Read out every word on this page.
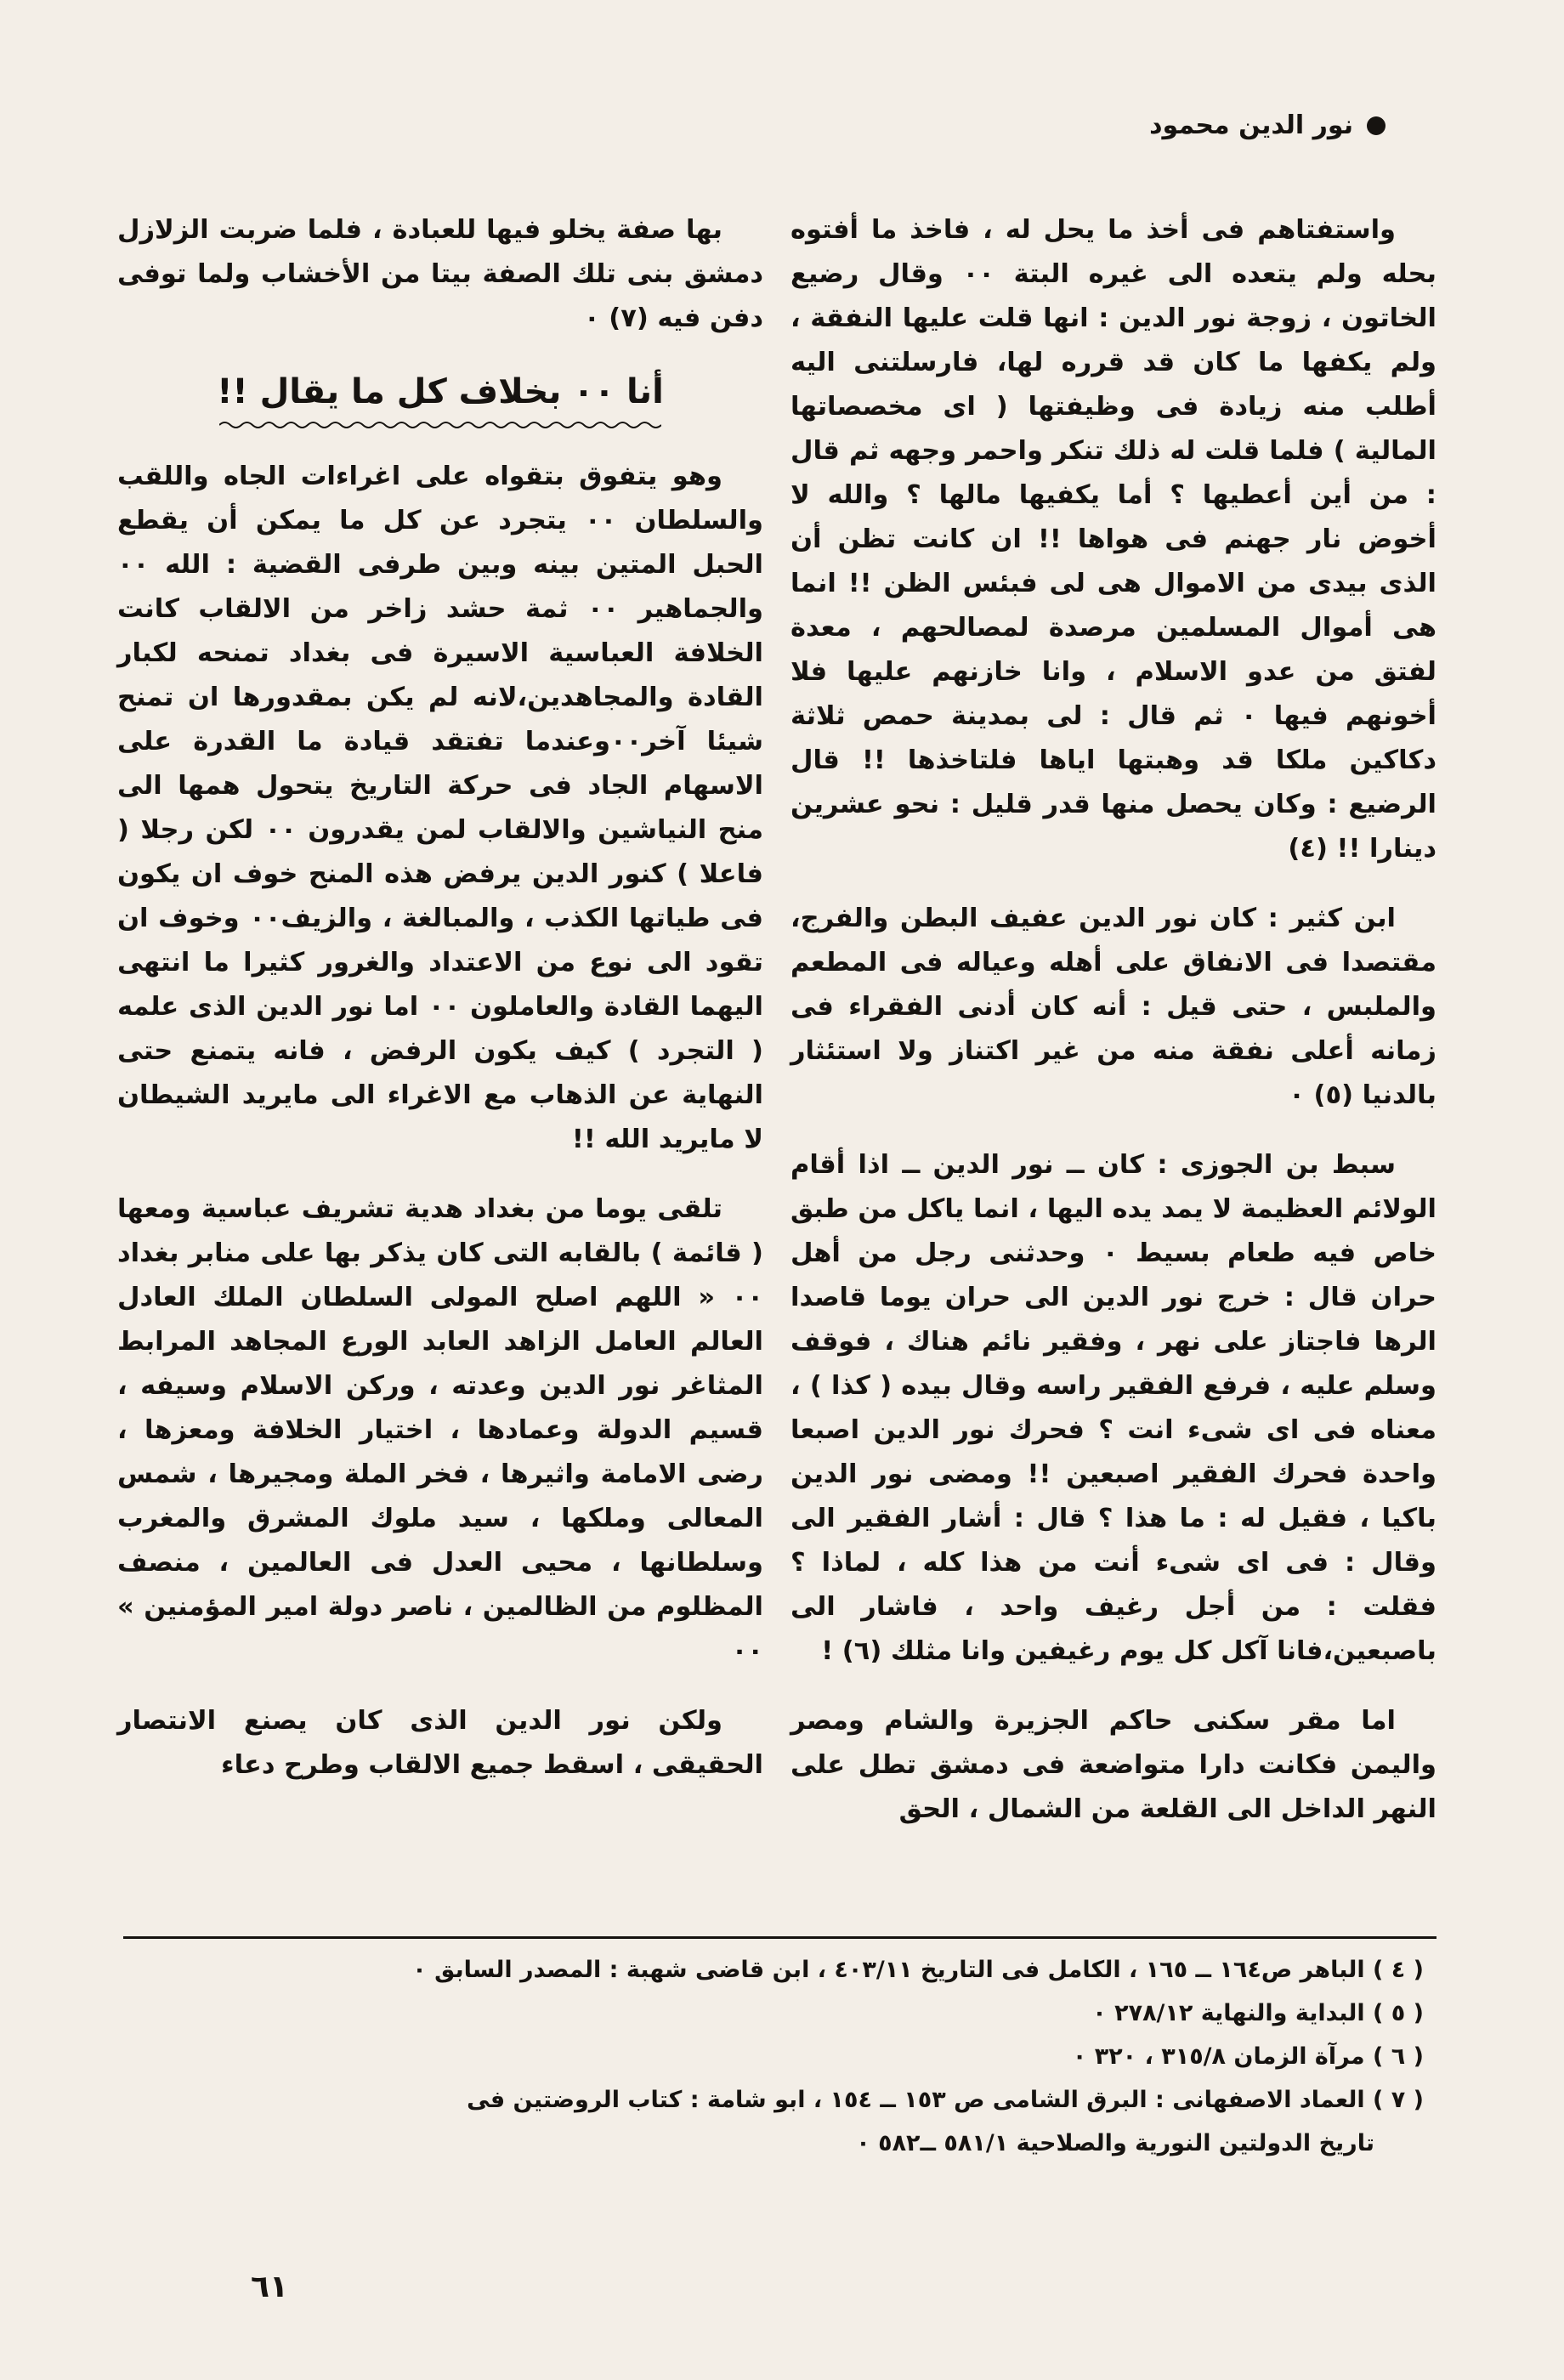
نور الدين محمود

واستفتاهم فى أخذ ما يحل له ، فاخذ ما أفتوه بحله ولم يتعده الى غيره البتة ٠٠ وقال رضيع الخاتون ، زوجة نور الدين : انها قلت عليها النفقة ، ولم يكفها ما كان قد قرره لها، فارسلتنى اليه أطلب منه زيادة فى وظيفتها ( اى مخصصاتها المالية ) فلما قلت له ذلك تنكر واحمر وجهه ثم قال : من أين أعطيها ؟ أما يكفيها مالها ؟ والله لا أخوض نار جهنم فى هواها !! ان كانت تظن أن الذى بيدى من الاموال هى لى فبئس الظن !! انما هى أموال المسلمين مرصدة لمصالحهم ، معدة لفتق من عدو الاسلام ، وانا خازنهم عليها فلا أخونهم فيها ٠ ثم قال : لى بمدينة حمص ثلاثة دكاكين ملكا قد وهبتها اياها فلتاخذها !! قال الرضيع : وكان يحصل منها قدر قليل : نحو عشرين دينارا !! (٤)

ابن كثير : كان نور الدين عفيف البطن والفرج، مقتصدا فى الانفاق على أهله وعياله فى المطعم والملبس ، حتى قيل : أنه كان أدنى الفقراء فى زمانه أعلى نفقة منه من غير اكتناز ولا استئثار بالدنيا (٥) ٠

سبط بن الجوزى : كان ــ نور الدين ــ اذا أقام الولائم العظيمة لا يمد يده اليها ، انما ياكل من طبق خاص فيه طعام بسيط ٠ وحدثنى رجل من أهل حران قال : خرج نور الدين الى حران يوما قاصدا الرها فاجتاز على نهر ، وفقير نائم هناك ، فوقف وسلم عليه ، فرفع الفقير راسه وقال بيده ( كذا ) ، معناه فى اى شىء انت ؟ فحرك نور الدين اصبعا واحدة فحرك الفقير اصبعين !! ومضى نور الدين باكيا ، فقيل له : ما هذا ؟ قال : أشار الفقير الى وقال : فى اى شىء أنت من هذا كله ، لماذا ؟ فقلت : من أجل رغيف واحد ، فاشار الى باصبعين،فانا آكل كل يوم رغيفين وانا مثلك (٦) !

اما مقر سكنى حاكم الجزيرة والشام ومصر واليمن فكانت دارا متواضعة فى دمشق تطل على النهر الداخل الى القلعة من الشمال ، الحق

بها صفة يخلو فيها للعبادة ، فلما ضربت الزلازل دمشق بنى تلك الصفة بيتا من الأخشاب ولما توفى دفن فيه (٧) ٠

أنا ٠٠ بخلاف كل ما يقال !!

وهو يتفوق بتقواه على اغراءات الجاه واللقب والسلطان ٠٠ يتجرد عن كل ما يمكن أن يقطع الحبل المتين بينه وبين طرفى القضية : الله ٠٠ والجماهير ٠٠ ثمة حشد زاخر من الالقاب كانت الخلافة العباسية الاسيرة فى بغداد تمنحه لكبار القادة والمجاهدين،لانه لم يكن بمقدورها ان تمنح شيئا آخر٠٠وعندما تفتقد قيادة ما القدرة على الاسهام الجاد فى حركة التاريخ يتحول همها الى منح النياشين والالقاب لمن يقدرون ٠٠ لكن رجلا ( فاعلا ) كنور الدين يرفض هذه المنح خوف ان يكون فى طياتها الكذب ، والمبالغة ، والزيف٠٠ وخوف ان تقود الى نوع من الاعتداد والغرور كثيرا ما انتهى اليهما القادة والعاملون ٠٠ اما نور الدين الذى علمه ( التجرد ) كيف يكون الرفض ، فانه يتمنع حتى النهاية عن الذهاب مع الاغراء الى مايريد الشيطان لا مايريد الله !!

تلقى يوما من بغداد هدية تشريف عباسية ومعها ( قائمة ) بالقابه التى كان يذكر بها على منابر بغداد ٠٠ « اللهم اصلح المولى السلطان الملك العادل العالم العامل الزاهد العابد الورع المجاهد المرابط المثاغر نور الدين وعدته ، وركن الاسلام وسيفه ، قسيم الدولة وعمادها ، اختيار الخلافة ومعزها ، رضى الامامة واثيرها ، فخر الملة ومجيرها ، شمس المعالى وملكها ، سيد ملوك المشرق والمغرب وسلطانها ، محيى العدل فى العالمين ، منصف المظلوم من الظالمين ، ناصر دولة امير المؤمنين » ٠٠

ولكن نور الدين الذى كان يصنع الانتصار الحقيقى ، اسقط جميع الالقاب وطرح دعاء

( ٤ ) الباهر ص١٦٤ ــ ١٦٥ ، الكامل فى التاريخ ٤٠٣/١١ ، ابن قاضى شهبة : المصدر السابق ٠

( ٥ ) البداية والنهاية ٢٧٨/١٢ ٠

( ٦ ) مرآة الزمان ٣١٥/٨ ، ٣٢٠ ٠

( ٧ ) العماد الاصفهانى : البرق الشامى ص ١٥٣ ــ ١٥٤ ، ابو شامة : كتاب الروضتين فى

تاريخ الدولتين النورية والصلاحية ٥٨١/١ ــ٥٨٢ ٠

٦١
